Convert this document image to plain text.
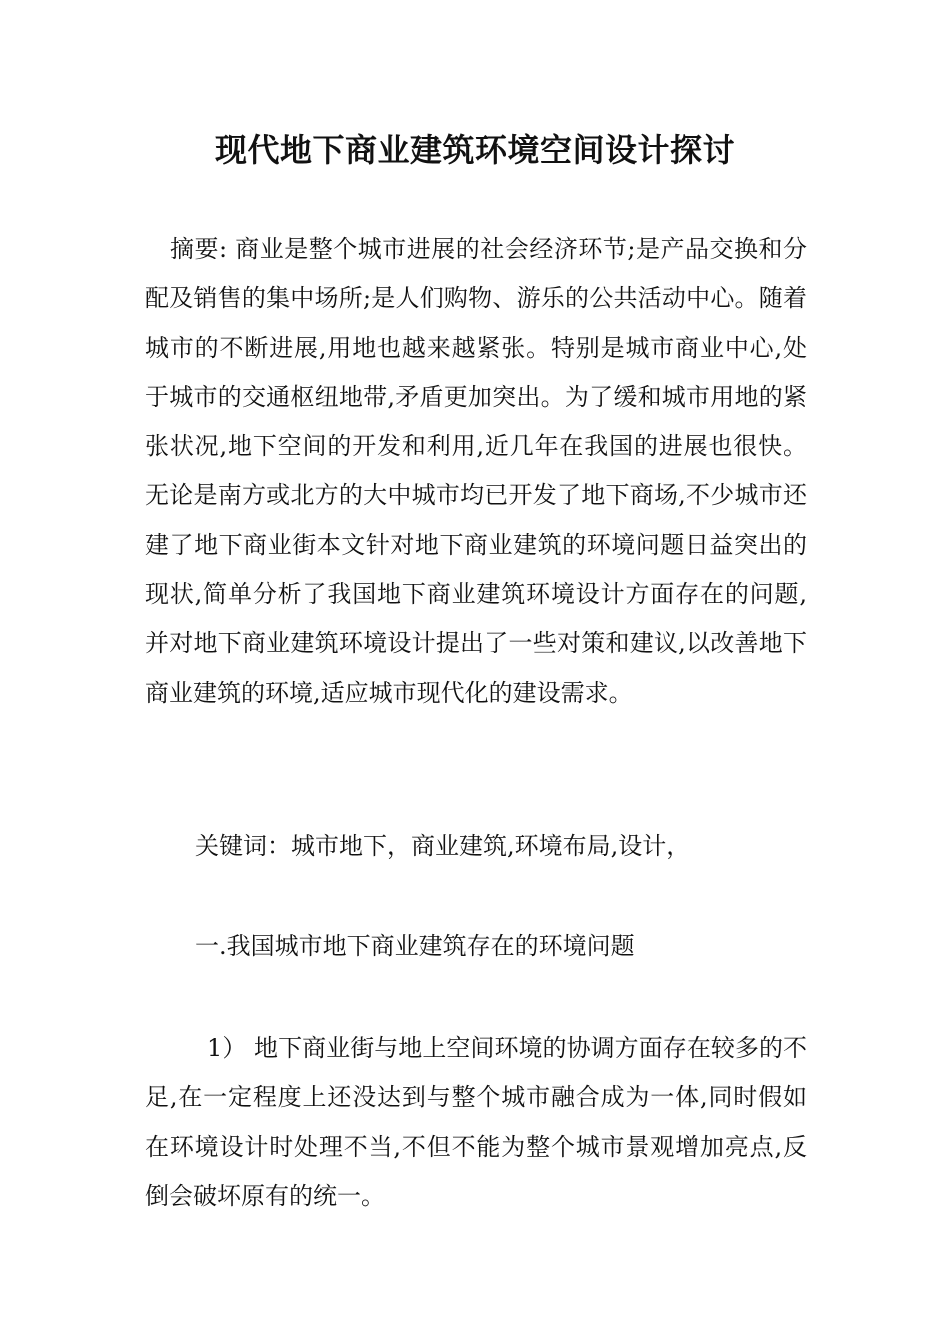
现代地下商业建筑环境空间设计探讨

摘要: 商业是整个城市进展的社会经济环节;是产品交换和分配及销售的集中场所;是人们购物、游乐的公共活动中心。随着城市的不断进展,用地也越来越紧张。特别是城市商业中心,处于城市的交通枢纽地带,矛盾更加突出。为了缓和城市用地的紧张状况,地下空间的开发和利用,近几年在我国的进展也很快。无论是南方或北方的大中城市均已开发了地下商场,不少城市还建了地下商业街本文针对地下商业建筑的环境问题日益突出的现状,简单分析了我国地下商业建筑环境设计方面存在的问题,并对地下商业建筑环境设计提出了一些对策和建议,以改善地下商业建筑的环境,适应城市现代化的建设需求。

关键词：城市地下，商业建筑,环境布局,设计，

一.我国城市地下商业建筑存在的环境问题

1） 地下商业街与地上空间环境的协调方面存在较多的不足,在一定程度上还没达到与整个城市融合成为一体,同时假如在环境设计时处理不当,不但不能为整个城市景观增加亮点,反倒会破坏原有的统一。
